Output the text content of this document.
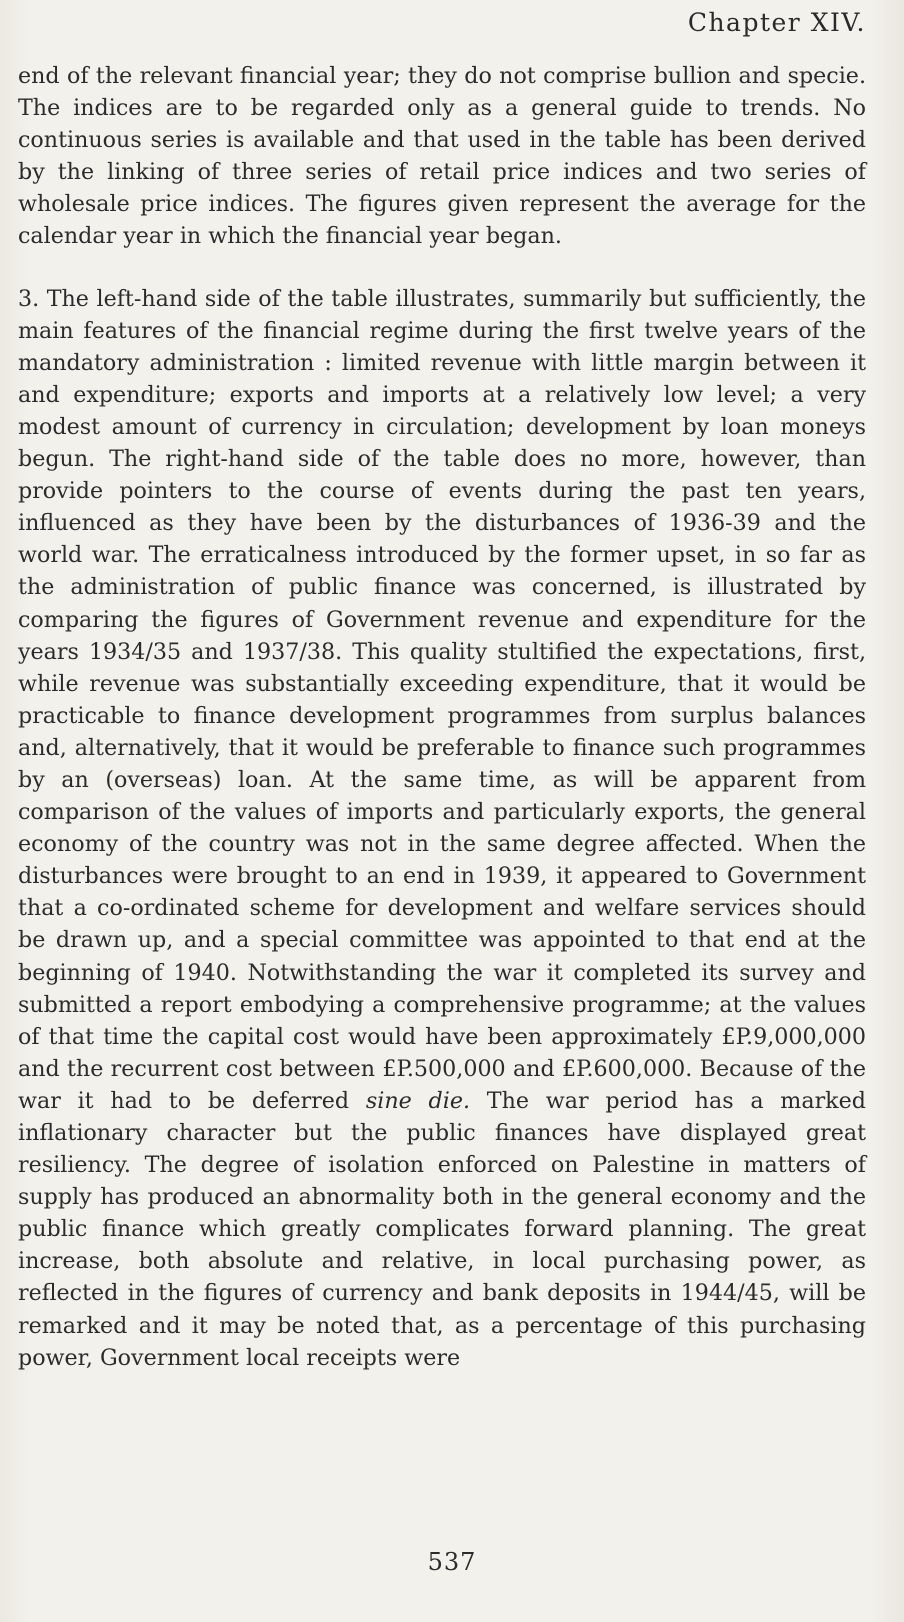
Chapter XIV.

end of the relevant financial year; they do not comprise bullion and specie. The indices are to be regarded only as a general guide to trends. No continuous series is available and that used in the table has been derived by the linking of three series of retail price indices and two series of wholesale price indices. The figures given represent the average for the calendar year in which the financial year began.

3. The left-hand side of the table illustrates, summarily but sufficiently, the main features of the financial regime during the first twelve years of the mandatory administration : limited revenue with little margin between it and expenditure; exports and imports at a relatively low level; a very modest amount of currency in circulation; development by loan moneys begun. The right-hand side of the table does no more, however, than provide pointers to the course of events during the past ten years, influenced as they have been by the disturbances of 1936-39 and the world war. The erraticalness introduced by the former upset, in so far as the administration of public finance was concerned, is illustrated by comparing the figures of Government revenue and expenditure for the years 1934/35 and 1937/38. This quality stultified the expectations, first, while revenue was substantially exceeding expenditure, that it would be practicable to finance development programmes from surplus balances and, alternatively, that it would be preferable to finance such programmes by an (overseas) loan. At the same time, as will be apparent from comparison of the values of imports and particularly exports, the general economy of the country was not in the same degree affected. When the disturbances were brought to an end in 1939, it appeared to Government that a co-ordinated scheme for development and welfare services should be drawn up, and a special committee was appointed to that end at the beginning of 1940. Notwithstanding the war it completed its survey and submitted a report embodying a comprehensive programme; at the values of that time the capital cost would have been approximately £P.9,000,000 and the recurrent cost between £P.500,000 and £P.600,000. Because of the war it had to be deferred sine die. The war period has a marked inflationary character but the public finances have displayed great resiliency. The degree of isolation enforced on Palestine in matters of supply has produced an abnormality both in the general economy and the public finance which greatly complicates forward planning. The great increase, both absolute and relative, in local purchasing power, as reflected in the figures of currency and bank deposits in 1944/45, will be remarked and it may be noted that, as a percentage of this purchasing power, Government local receipts were

537
